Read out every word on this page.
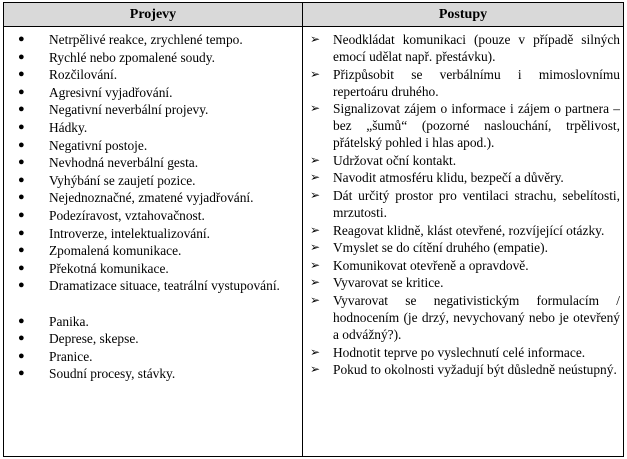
Projevy	Postupy
● Netrpělivé reakce, zrychlené tempo.
● Rychlé nebo zpomalené soudy.
● Rozčilování.
● Agresivní vyjadřování.
● Negativní neverbální projevy.
● Hádky.
● Negativní postoje.
● Nevhodná neverbální gesta.
● Vyhýbání se zaujetí pozice.
● Nejednoznačné, zmatené vyjadřování.
● Podezíravost, vztahovačnost.
● Introverze, intelektualizování.
● Zpomalená komunikace.
● Překotná komunikace.
● Dramatizace situace, teatrální vystupování.
● Panika.
● Deprese, skepse.
● Pranice.
● Soudní procesy, stávky.
➢ Neodkládat komunikaci (pouze v případě silných emocí udělat např. přestávku).
➢ Přizpůsobit se verbálnímu i mimoslovnímu repertoáru druhého.
➢ Signalizovat zájem o informace i zájem o partnera – bez „šumů“ (pozorné naslouchání, trpělivost, přátelský pohled i hlas apod.).
➢ Udržovat oční kontakt.
➢ Navodit atmosféru klidu, bezpečí a důvěry.
➢ Dát určitý prostor pro ventilaci strachu, sebelítosti, mrzutosti.
➢ Reagovat klidně, klást otevřené, rozvíjející otázky.
➢ Vmyslet se do cítění druhého (empatie).
➢ Komunikovat otevřeně a opravdově.
➢ Vyvarovat se kritice.
➢ Vyvarovat se negativistickým formulacím / hodnocením (je drzý, nevychovaný nebo je otevřený a odvážný?).
➢ Hodnotit teprve po vyslechnutí celé informace.
➢ Pokud to okolnosti vyžadují být důsledně neústupný.
